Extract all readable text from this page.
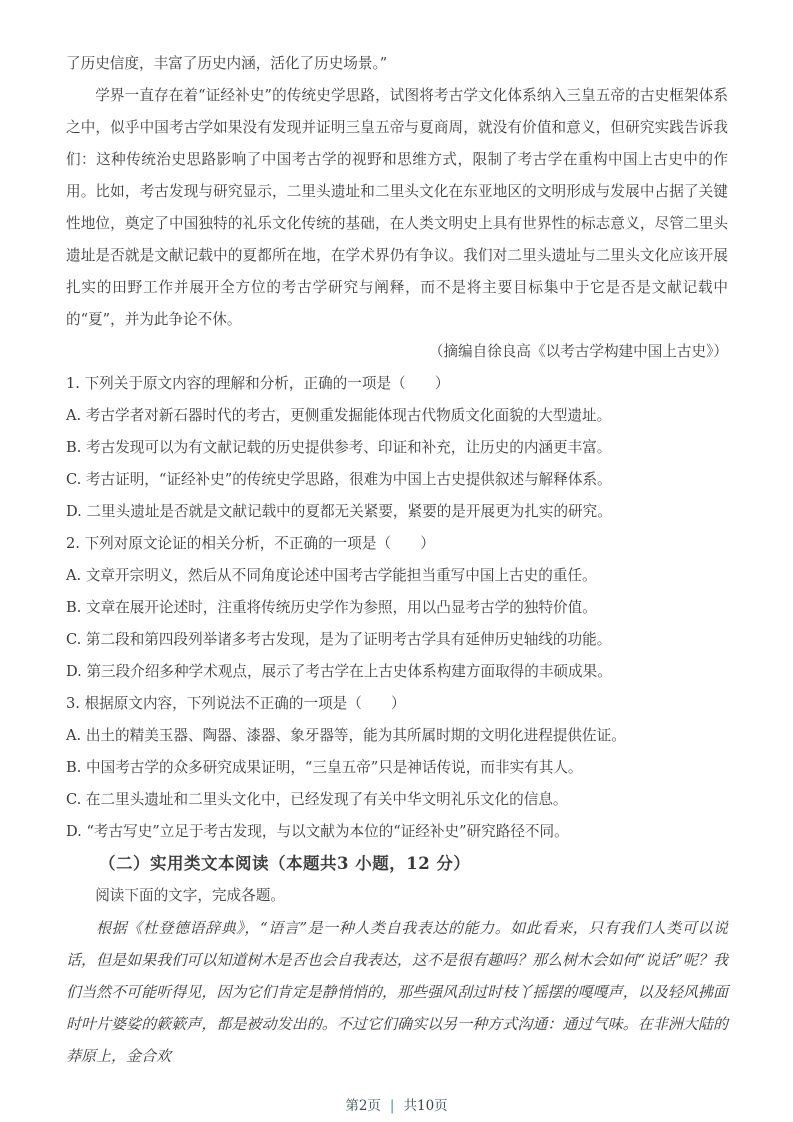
了历史信度，丰富了历史内涵，活化了历史场景。”

学界一直存在着“证经补史”的传统史学思路，试图将考古学文化体系纳入三皇五帝的古史框架体系之中，似乎中国考古学如果没有发现并证明三皇五帝与夏商周，就没有价值和意义，但研究实践告诉我们：这种传统治史思路影响了中国考古学的视野和思维方式，限制了考古学在重构中国上古史中的作用。比如，考古发现与研究显示，二里头遗址和二里头文化在东亚地区的文明形成与发展中占据了关键性地位，奠定了中国独特的礼乐文化传统的基础，在人类文明史上具有世界性的标志意义，尽管二里头遗址是否就是文献记载中的夏都所在地，在学术界仍有争议。我们对二里头遗址与二里头文化应该开展扎实的田野工作并展开全方位的考古学研究与阐释，而不是将主要目标集中于它是否是文献记载中的“夏”，并为此争论不休。

（摘编自徐良高《以考古学构建中国上古史》）

1. 下列关于原文内容的理解和分析，正确的一项是（　　）

A. 考古学者对新石器时代的考古，更侧重发掘能体现古代物质文化面貌的大型遗址。

B. 考古发现可以为有文献记载的历史提供参考、印证和补充，让历史的内涵更丰富。

C. 考古证明，“证经补史”的传统史学思路，很难为中国上古史提供叙述与解释体系。

D. 二里头遗址是否就是文献记载中的夏都无关紧要，紧要的是开展更为扎实的研究。

2. 下列对原文论证的相关分析，不正确的一项是（　　）

A. 文章开宗明义，然后从不同角度论述中国考古学能担当重写中国上古史的重任。

B. 文章在展开论述时，注重将传统历史学作为参照，用以凸显考古学的独特价值。

C. 第二段和第四段列举诸多考古发现，是为了证明考古学具有延伸历史轴线的功能。

D. 第三段介绍多种学术观点，展示了考古学在上古史体系构建方面取得的丰硕成果。

3. 根据原文内容，下列说法不正确的一项是（　　）

A. 出土的精美玉器、陶器、漆器、象牙器等，能为其所属时期的文明化进程提供佐证。

B. 中国考古学的众多研究成果证明，“三皇五帝”只是神话传说，而非实有其人。

C. 在二里头遗址和二里头文化中，已经发现了有关中华文明礼乐文化的信息。

D. “考古写史”立足于考古发现，与以文献为本位的“证经补史”研究路径不同。

（二）实用类文本阅读（本题共3 小题，12 分）

阅读下面的文字，完成各题。

根据《杜登德语辞典》，“语言”是一种人类自我表达的能力。如此看来，只有我们人类可以说话，但是如果我们可以知道树木是否也会自我表达，这不是很有趣吗？那么树木会如何“说话”呢？我们当然不可能听得见，因为它们肯定是静悄悄的，那些强风刮过时枝丫摇摆的嘎嘎声，以及轻风拂面时叶片婆娑的簌簌声，都是被动发出的。不过它们确实以另一种方式沟通：通过气味。在非洲大陆的莽原上，金合欢

第2页 | 共10页
